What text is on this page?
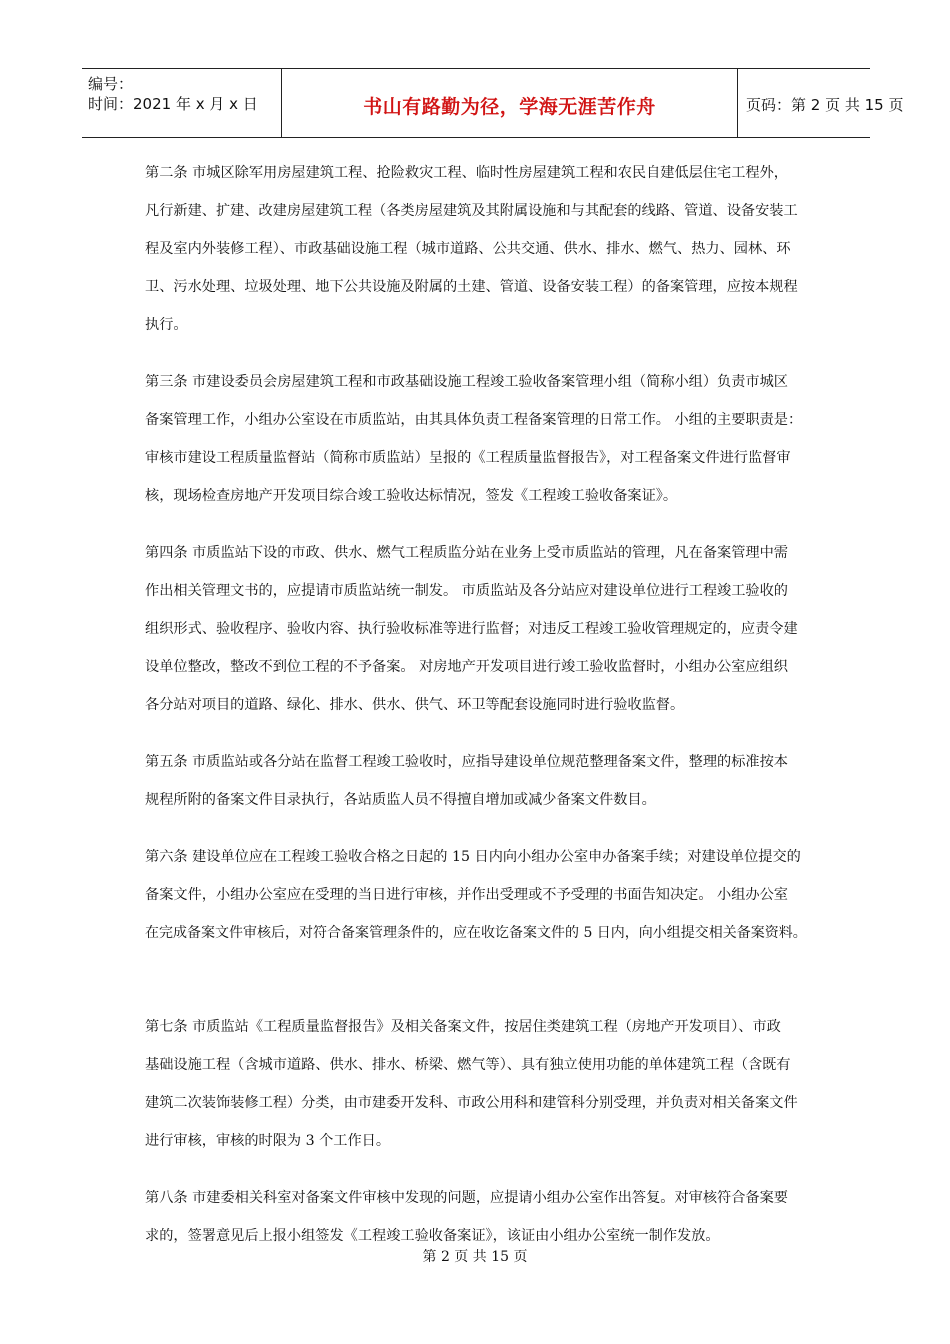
编号：
时间：2021 年 x 月 x 日	书山有路勤为径，学海无涯苦作舟	页码：第 2 页 共 15 页
第二条 市城区除军用房屋建筑工程、抢险救灾工程、临时性房屋建筑工程和农民自建低层住宅工程外，
凡行新建、扩建、改建房屋建筑工程（各类房屋建筑及其附属设施和与其配套的线路、管道、设备安装工
程及室内外装修工程）、市政基础设施工程（城市道路、公共交通、供水、排水、燃气、热力、园林、环
卫、污水处理、垃圾处理、地下公共设施及附属的土建、管道、设备安装工程）的备案管理，应按本规程
执行。
第三条 市建设委员会房屋建筑工程和市政基础设施工程竣工验收备案管理小组（简称小组）负责市城区
备案管理工作，小组办公室设在市质监站，由其具体负责工程备案管理的日常工作。 小组的主要职责是：
审核市建设工程质量监督站（简称市质监站）呈报的《工程质量监督报告》，对工程备案文件进行监督审
核，现场检查房地产开发项目综合竣工验收达标情况，签发《工程竣工验收备案证》。
第四条 市质监站下设的市政、供水、燃气工程质监分站在业务上受市质监站的管理，凡在备案管理中需
作出相关管理文书的，应提请市质监站统一制发。 市质监站及各分站应对建设单位进行工程竣工验收的
组织形式、验收程序、验收内容、执行验收标准等进行监督；对违反工程竣工验收管理规定的，应责令建
设单位整改，整改不到位工程的不予备案。 对房地产开发项目进行竣工验收监督时，小组办公室应组织
各分站对项目的道路、绿化、排水、供水、供气、环卫等配套设施同时进行验收监督。
第五条 市质监站或各分站在监督工程竣工验收时，应指导建设单位规范整理备案文件，整理的标准按本
规程所附的备案文件目录执行，各站质监人员不得擅自增加或减少备案文件数目。
第六条 建设单位应在工程竣工验收合格之日起的 15 日内向小组办公室申办备案手续；对建设单位提交的
备案文件，小组办公室应在受理的当日进行审核，并作出受理或不予受理的书面告知决定。 小组办公室
在完成备案文件审核后，对符合备案管理条件的，应在收讫备案文件的 5 日内，向小组提交相关备案资料。
第七条 市质监站《工程质量监督报告》及相关备案文件，按居住类建筑工程（房地产开发项目）、市政
基础设施工程（含城市道路、供水、排水、桥梁、燃气等）、具有独立使用功能的单体建筑工程（含既有
建筑二次装饰装修工程）分类，由市建委开发科、市政公用科和建管科分别受理，并负责对相关备案文件
进行审核，审核的时限为 3 个工作日。
第八条 市建委相关科室对备案文件审核中发现的问题，应提请小组办公室作出答复。对审核符合备案要
求的，签署意见后上报小组签发《工程竣工验收备案证》，该证由小组办公室统一制作发放。
第 2 页 共 15 页
